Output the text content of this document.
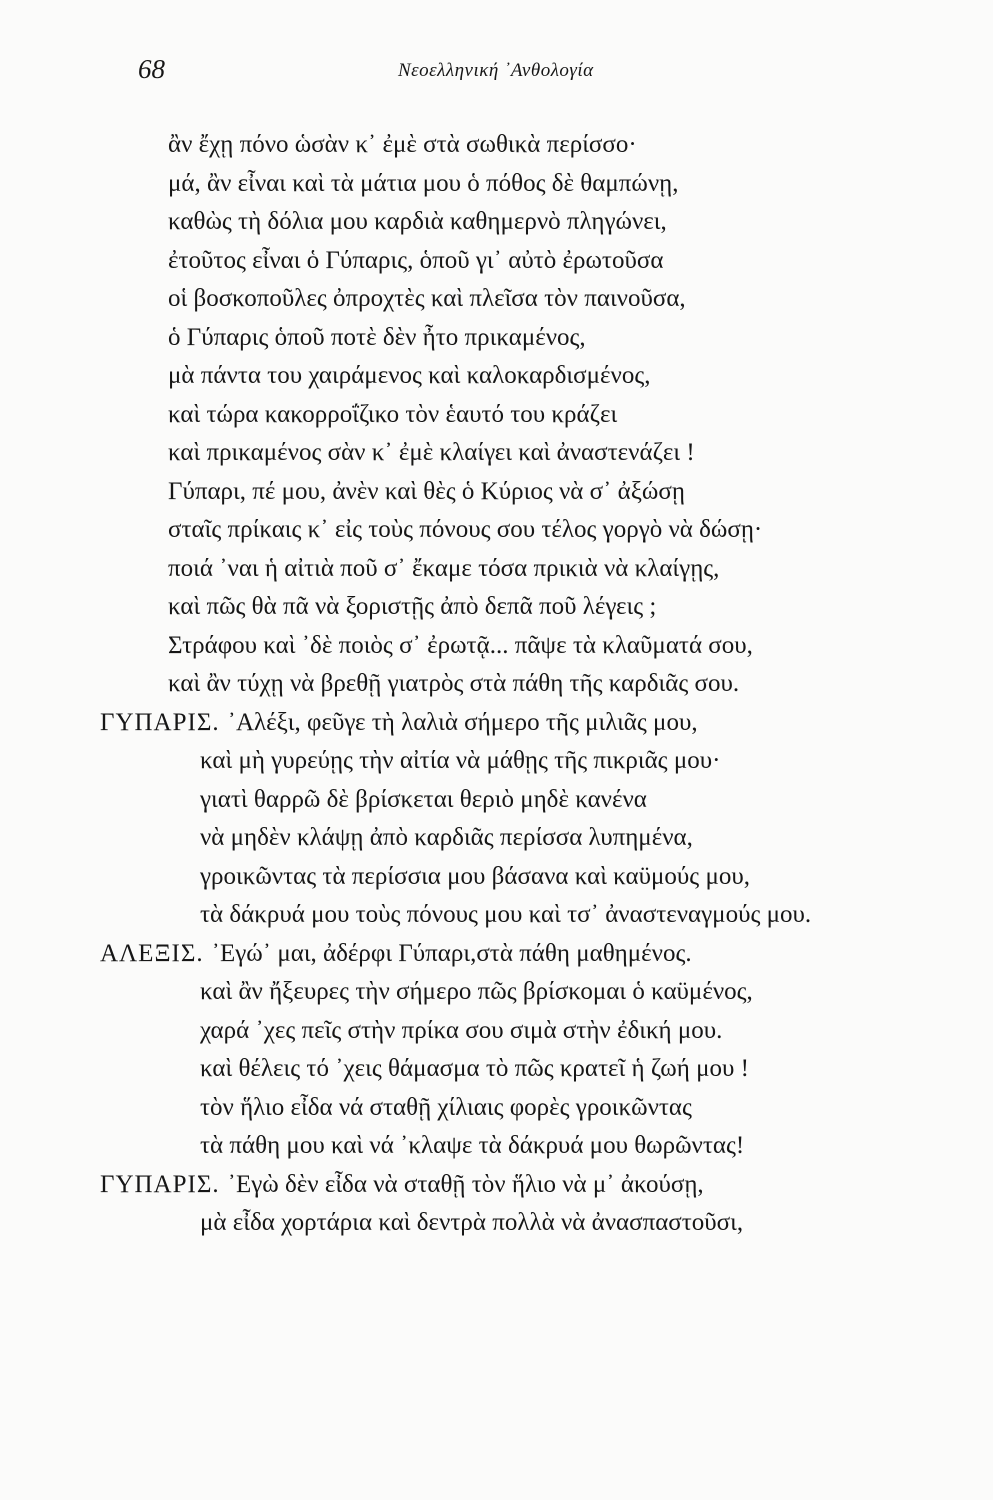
68	Νεοελληνική ᾿Ανθολογία
ἂν ἔχῃ πόνο ὡσὰν κ᾿ ἐμὲ στὰ σωθικὰ περίσσο·
μά, ἂν εἶναι καὶ τὰ μάτια μου ὁ πόθος δὲ θαμπώνῃ,
καθὼς τὴ δόλια μου καρδιὰ καθημερνὸ πληγώνει,
ἐτοῦτος εἶναι ὁ Γύπαρις, ὁποῦ γι᾿ αὐτὸ ἐρωτοῦσα
οἱ βοσκοποῦλες ὀπροχτὲς καὶ πλεῖσα τὸν παινοῦσα,
ὁ Γύπαρις ὁποῦ ποτὲ δὲν ἦτο πρικαμένος,
μὰ πάντα του χαιράμενος καὶ καλοκαρδισμένος,
καὶ τώρα κακορροΐζικο τὸν ἑαυτό του κράζει
καὶ πρικαμένος σὰν κ᾿ ἐμὲ κλαίγει καὶ ἀναστενάζει !
Γύπαρι, πέ μου, ἀνὲν καὶ θὲς ὁ Κύριος νὰ σ᾿ ἀξώσῃ
σταῖς πρίκαις κ᾿ εἰς τοὺς πόνους σου τέλος γοργὸ νὰ δώσῃ·
ποιά ᾿ναι ἡ αἰτιὰ ποῦ σ᾿ ἔκαμε τόσα πρικιὰ νὰ κλαίγῃς,
καὶ πῶς θὰ πᾶ νὰ ξοριστῇς ἀπὸ δεπᾶ ποῦ λέγεις ;
Στράφου καὶ ᾿δὲ ποιὸς σ᾿ ἐρωτᾷ... πᾶψε τὰ κλαῦματά σου,
καὶ ἂν τύχῃ νὰ βρεθῇ γιατρὸς στὰ πάθη τῆς καρδιᾶς σου.
ΓΥΠΑΡΙΣ. ᾿Αλέξι, φεῦγε τὴ λαλιὰ σήμερο τῆς μιλιᾶς μου,
καὶ μὴ γυρεύῃς τὴν αἰτία νὰ μάθῃς τῆς πικριᾶς μου·
γιατὶ θαρρῶ δὲ βρίσκεται θεριὸ μηδὲ κανένα
νὰ μηδὲν κλάψῃ ἀπὸ καρδιᾶς περίσσα λυπημένα,
γροικῶντας τὰ περίσσια μου βάσανα καὶ καϋμούς μου,
τὰ δάκρυά μου τοὺς πόνους μου καὶ τσ᾿ ἀναστεναγμούς μου.
ΑΛΕΞΙΣ. ᾿Εγώ᾿ μαι, ἀδέρφι Γύπαρι,στὰ πάθη μαθημένος.
καὶ ἂν ἤξευρες τὴν σήμερο πῶς βρίσκομαι ὁ καϋμένος,
χαρά ᾿χες πεῖς στὴν πρίκα σου σιμὰ στὴν ἐδική μου.
καὶ θέλεις τό ᾿χεις θάμασμα τὸ πῶς κρατεῖ ἡ ζωή μου !
τὸν ἥλιο εἶδα νά σταθῇ χίλιαις φορὲς γροικῶντας
τὰ πάθη μου καὶ νά ᾿κλαψε τὰ δάκρυά μου θωρῶντας!
ΓΥΠΑΡΙΣ. ᾿Εγὼ δὲν εἶδα νὰ σταθῇ τὸν ἥλιο νὰ μ᾿ ἀκούσῃ,
μὰ εἶδα χορτάρια καὶ δεντρὰ πολλὰ νὰ ἀνασπαστοῦσι,
